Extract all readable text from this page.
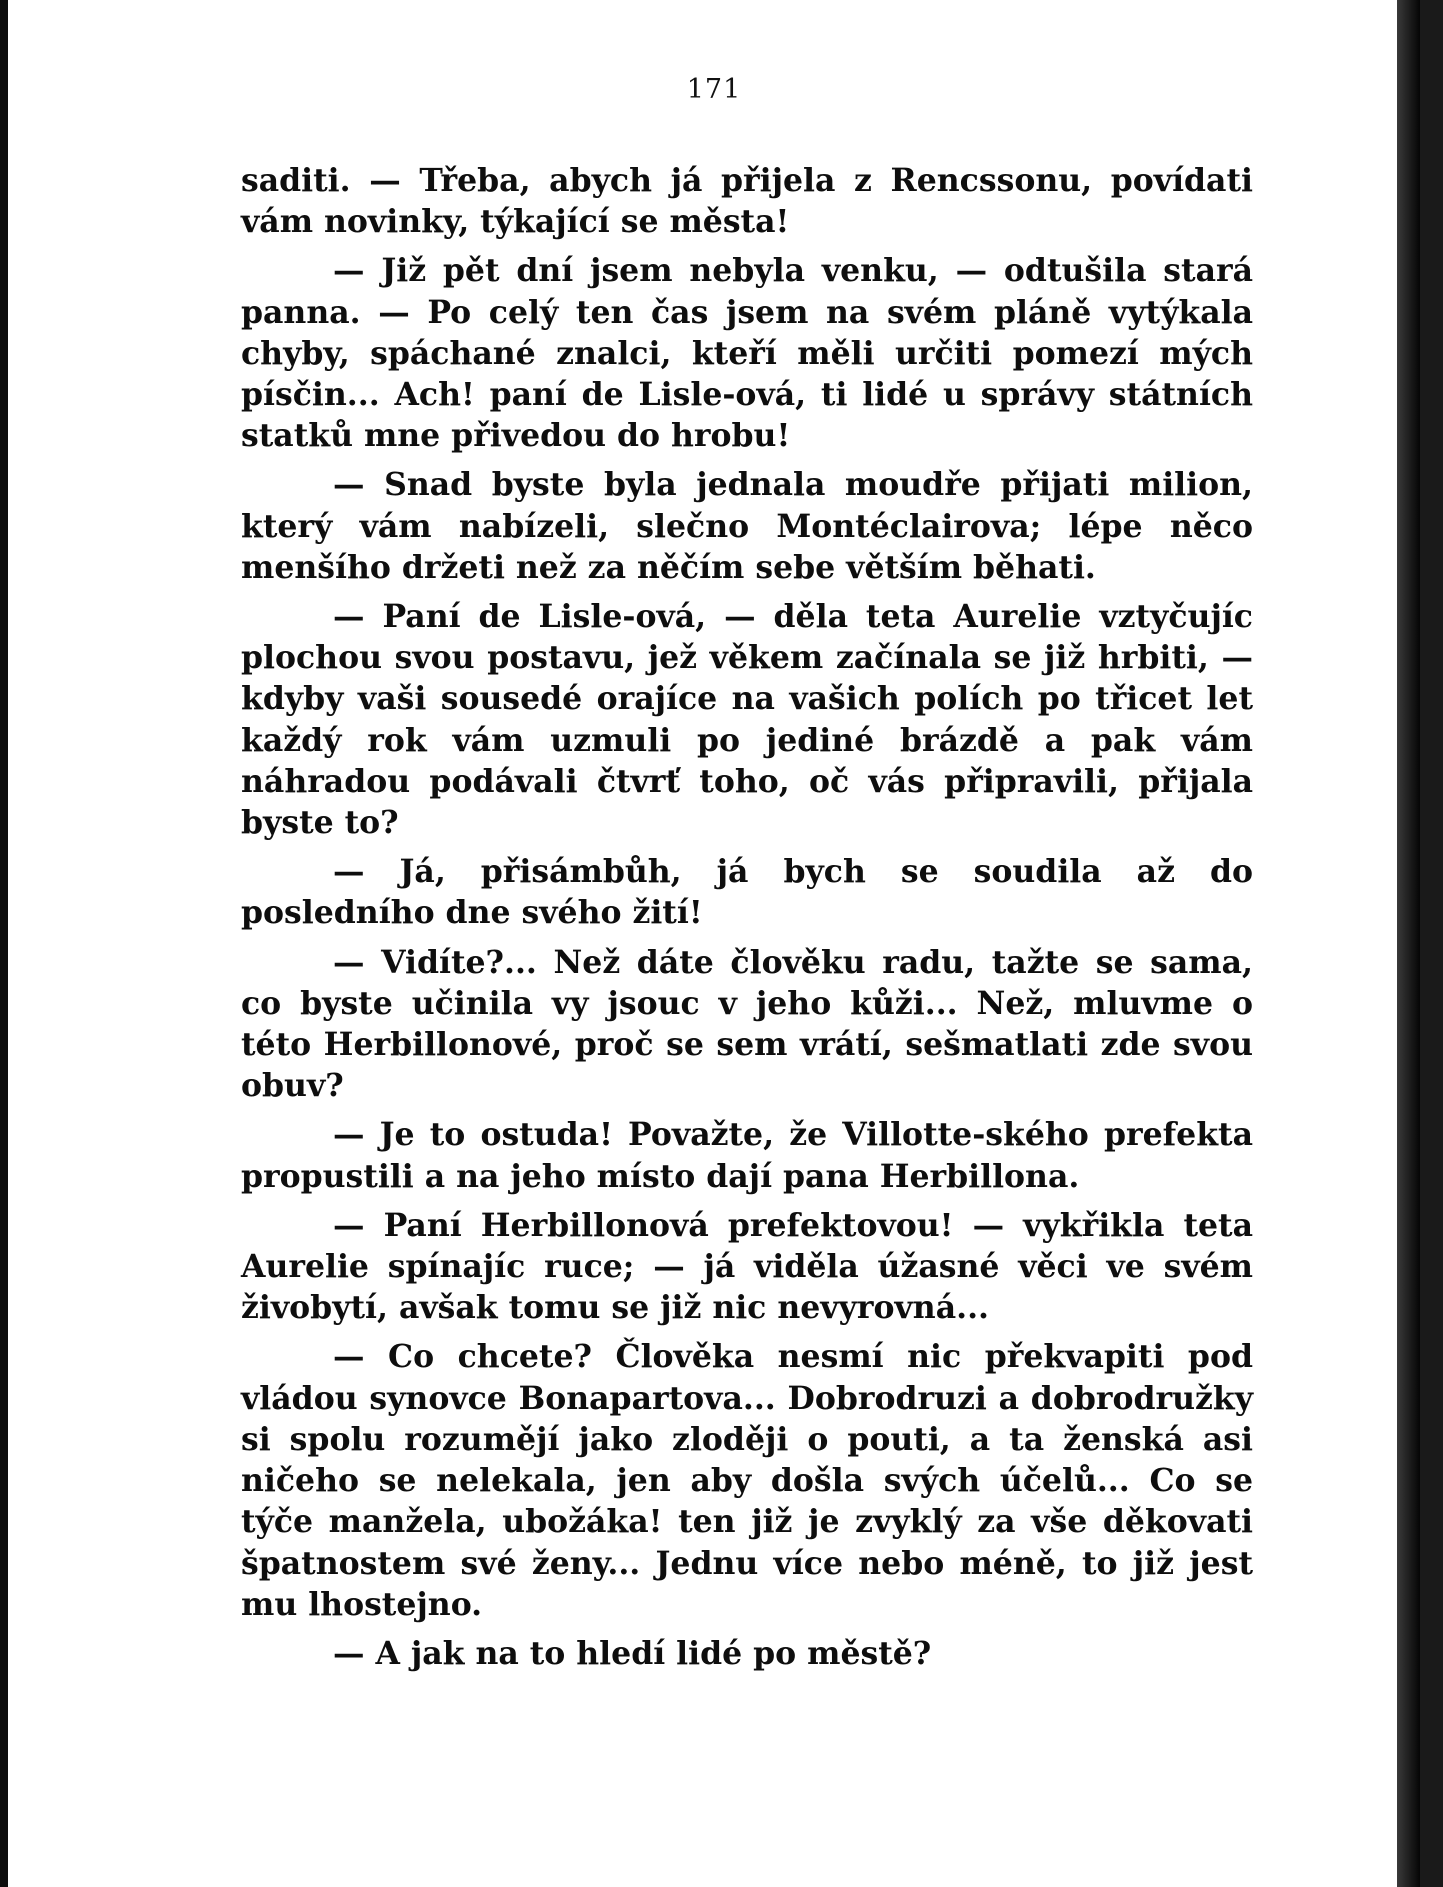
171

saditi. — Třeba, abych já přijela z Rencssonu, povídati vám novinky, týkající se města!

— Již pět dní jsem nebyla venku, — odtušila stará panna. — Po celý ten čas jsem na svém pláně vytýkala chyby, spáchané znalci, kteří měli určiti pomezí mých písčin... Ach! paní de Lisle-ová, ti lidé u správy státních statků mne přivedou do hrobu!

— Snad byste byla jednala moudře přijati milion, který vám nabízeli, slečno Montéclairova; lépe něco menšího držeti než za něčím sebe větším běhati.

— Paní de Lisle-ová, — děla teta Aurelie vztyčujíc plochou svou postavu, jež věkem začínala se již hrbiti, — kdyby vaši sousedé orajíce na vašich polích po třicet let každý rok vám uzmuli po jediné brázdě a pak vám náhradou podávali čtvrť toho, oč vás připravili, přijala byste to?

— Já, přisámbůh, já bych se soudila až do posledního dne svého žití!

— Vidíte?... Než dáte člověku radu, tažte se sama, co byste učinila vy jsouc v jeho kůži... Než, mluvme o této Herbillonové, proč se sem vrátí, sešmatlati zde svou obuv?

— Je to ostuda! Považte, že Villotte-ského prefekta propustili a na jeho místo dají pana Herbillona.

— Paní Herbillonová prefektovou! — vykřikla teta Aurelie spínajíc ruce; — já viděla úžasné věci ve svém živobytí, avšak tomu se již nic nevyrovná...

— Co chcete? Člověka nesmí nic překvapiti pod vládou synovce Bonapartova... Dobrodruzi a dobrodružky si spolu rozumějí jako zloději o pouti, a ta ženská asi ničeho se nelekala, jen aby došla svých účelů... Co se týče manžela, ubožáka! ten již je zvyklý za vše děkovati špatnostem své ženy... Jednu více nebo méně, to již jest mu lhostejno.

— A jak na to hledí lidé po městě?
